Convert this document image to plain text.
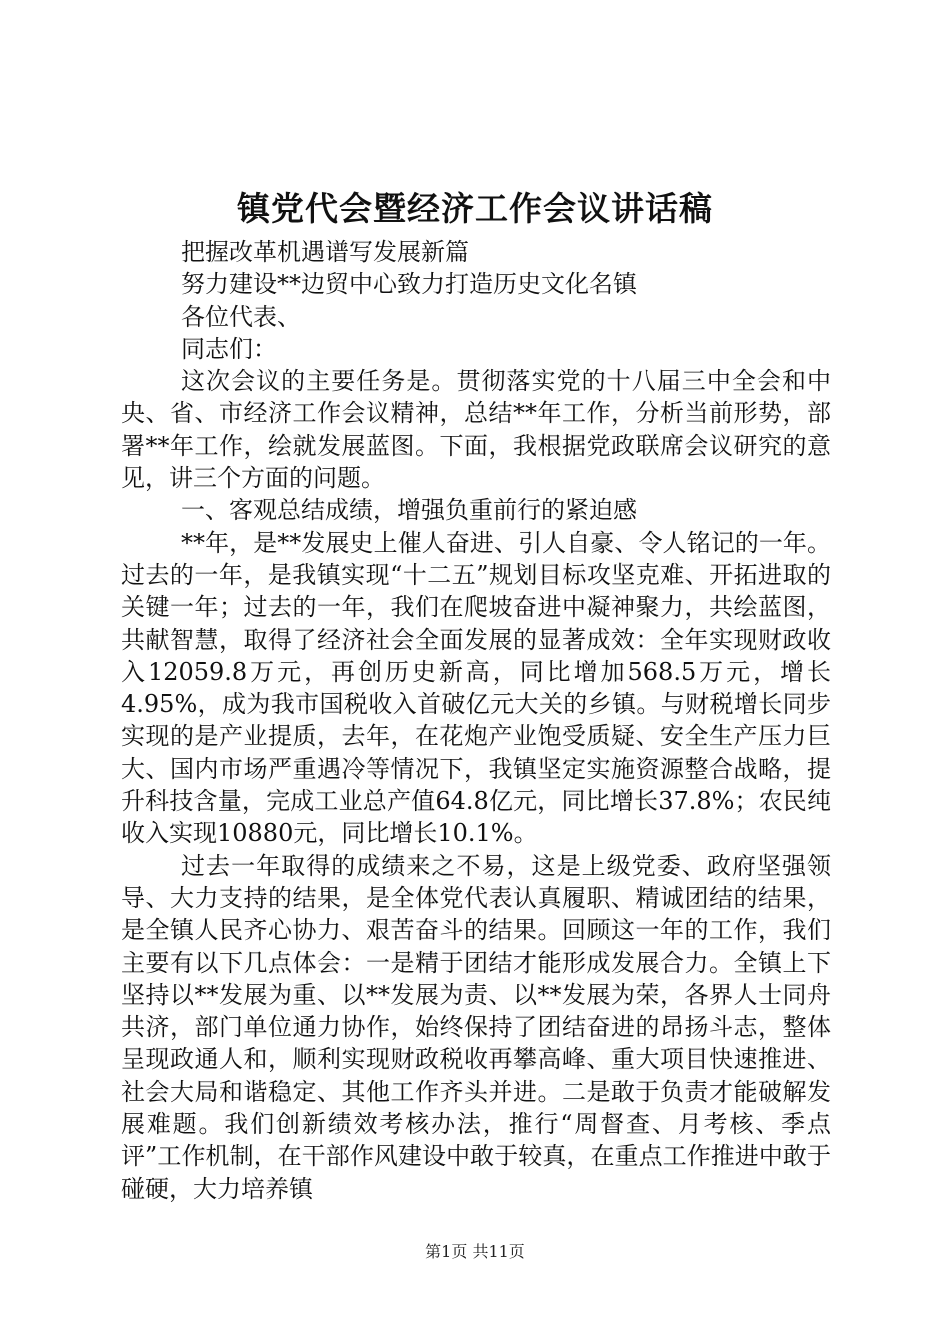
镇党代会暨经济工作会议讲话稿

把握改革机遇谱写发展新篇

努力建设**边贸中心致力打造历史文化名镇

各位代表、

同志们：

这次会议的主要任务是。贯彻落实党的十八届三中全会和中央、省、市经济工作会议精神，总结**年工作，分析当前形势，部署**年工作，绘就发展蓝图。下面，我根据党政联席会议研究的意见，讲三个方面的问题。

一、客观总结成绩，增强负重前行的紧迫感

**年，是**发展史上催人奋进、引人自豪、令人铭记的一年。过去的一年，是我镇实现“十二五”规划目标攻坚克难、开拓进取的关键一年；过去的一年，我们在爬坡奋进中凝神聚力，共绘蓝图，共献智慧，取得了经济社会全面发展的显著成效：全年实现财政收入12059.8万元，再创历史新高，同比增加568.5万元，增长4.95%，成为我市国税收入首破亿元大关的乡镇。与财税增长同步实现的是产业提质，去年，在花炮产业饱受质疑、安全生产压力巨大、国内市场严重遇冷等情况下，我镇坚定实施资源整合战略，提升科技含量，完成工业总产值64.8亿元，同比增长37.8%；农民纯收入实现10880元，同比增长10.1%。

过去一年取得的成绩来之不易，这是上级党委、政府坚强领导、大力支持的结果，是全体党代表认真履职、精诚团结的结果，是全镇人民齐心协力、艰苦奋斗的结果。回顾这一年的工作，我们主要有以下几点体会：一是精于团结才能形成发展合力。全镇上下坚持以**发展为重、以**发展为责、以**发展为荣，各界人士同舟共济，部门单位通力协作，始终保持了团结奋进的昂扬斗志，整体呈现政通人和，顺利实现财政税收再攀高峰、重大项目快速推进、社会大局和谐稳定、其他工作齐头并进。二是敢于负责才能破解发展难题。我们创新绩效考核办法，推行“周督查、月考核、季点评”工作机制，在干部作风建设中敢于较真，在重点工作推进中敢于碰硬，大力培养镇

第1页 共11页
